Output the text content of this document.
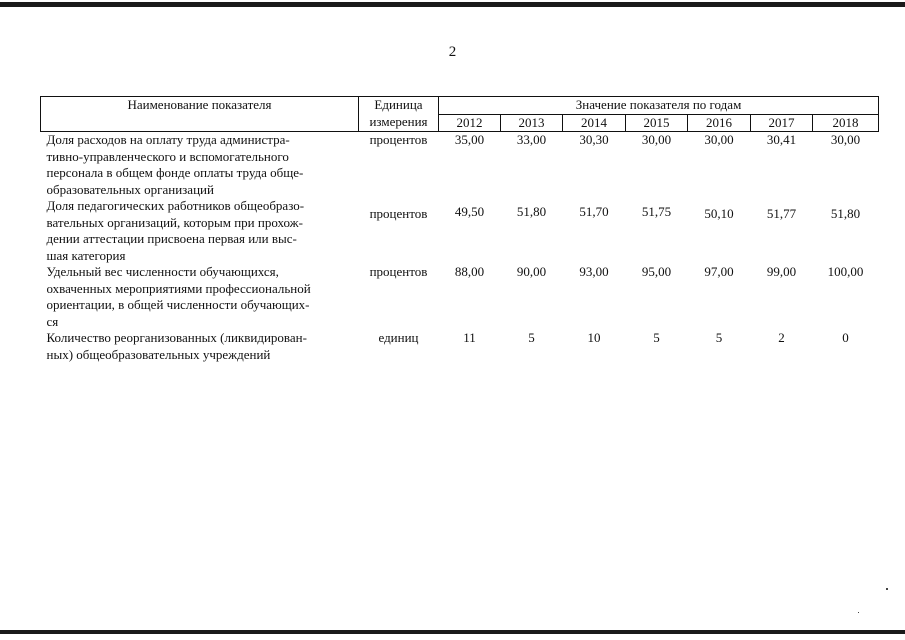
2
Наименование показателя	Единица	Значение показателя по годам						
	измерения	2012	2013	2014	2015	2016	2017	2018

Доля расходов на оплату труда администра-
тивно-управленческого и вспомогательного
персонала в общем фонде оплаты труда обще-
образовательных организаций	процентов	35,00	33,00	30,30	30,00	30,00	30,41	30,00

Доля педагогических работников общеобразо-
вательных организаций, которым при прохож-
дении аттестации присвоена первая или выс-
шая категория	процентов	49,50	51,80	51,70	51,75	50,10	51,77	51,80

Удельный вес численности обучающихся,
охваченных мероприятиями профессиональной
ориентации, в общей численности обучающих-
ся	процентов	88,00	90,00	93,00	95,00	97,00	99,00	100,00

Количество реорганизованных (ликвидирован-
ных) общеобразовательных учреждений	единиц	11	5	10	5	5	2	0
